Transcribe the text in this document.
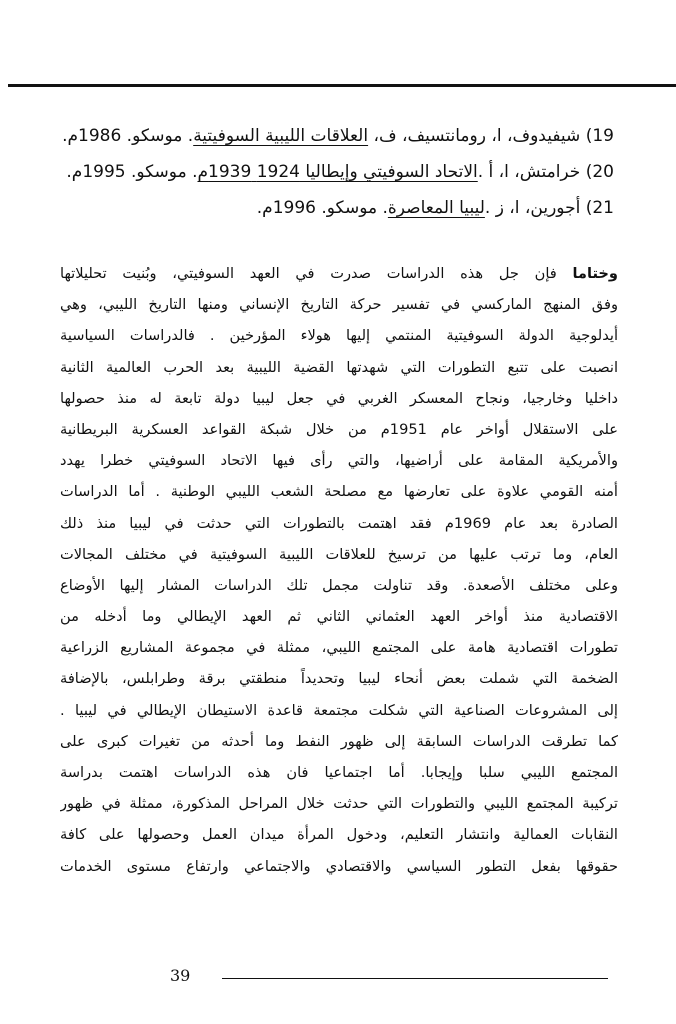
19) شيفيدوف، ا، رومانتسيف، ف، العلاقات الليبية السوفيتية. موسكو. 1986م.
20) خرامتش، ا، أ .الاتحاد السوفيتي وإيطاليا 1924 1939م. موسكو. 1995م.
21) أجورين، ا، ز .ليبيا المعاصرة. موسكو. 1996م.
وختاما فإن جل هذه الدراسات صدرت في العهد السوفيتي، وبُنيت تحليلاتها
وفق المنهج الماركسي في تفسير حركة التاريخ الإنساني ومنها التاريخ الليبي، وهي
أيدلوجية الدولة السوفيتية المنتمي إليها هولاء المؤرخين . فالدراسات السياسية
انصبت على تتبع التطورات التي شهدتها القضية الليبية بعد الحرب العالمية الثانية
داخليا وخارجيا، ونجاح المعسكر الغربي في جعل ليبيا دولة تابعة له منذ حصولها
على الاستقلال أواخر عام 1951م من خلال شبكة القواعد العسكرية البريطانية
والأمريكية المقامة على أراضيها، والتي رأى فيها الاتحاد السوفيتي خطرا يهدد
أمنه القومي علاوة على تعارضها مع مصلحة الشعب الليبي الوطنية . أما الدراسات
الصادرة بعد عام 1969م فقد اهتمت بالتطورات التي حدثت في ليبيا منذ ذلك
العام، وما ترتب عليها من ترسيخ للعلاقات الليبية السوفيتية في مختلف المجالات
وعلى مختلف الأصعدة. وقد تناولت مجمل تلك الدراسات المشار إليها الأوضاع
الاقتصادية منذ أواخر العهد العثماني الثاني ثم العهد الإيطالي وما أدخله من
تطورات اقتصادية هامة على المجتمع الليبي، ممثلة في مجموعة المشاريع الزراعية
الضخمة التي شملت بعض أنحاء ليبيا وتحديداً منطقتي برقة وطرابلس، بالإضافة
إلى المشروعات الصناعية التي شكلت مجتمعة قاعدة الاستيطان الإيطالي في ليبيا .
كما تطرقت الدراسات السابقة إلى ظهور النفط وما أحدثه من تغيرات كبرى على
المجتمع الليبي سلبا وإيجابا. أما اجتماعيا فان هذه الدراسات اهتمت بدراسة
تركيبة المجتمع الليبي والتطورات التي حدثت خلال المراحل المذكورة، ممثلة في ظهور
النقابات العمالية وانتشار التعليم، ودخول المرأة ميدان العمل وحصولها على كافة
حقوقها بفعل التطور السياسي والاقتصادي والاجتماعي وارتفاع مستوى الخدمات
39
